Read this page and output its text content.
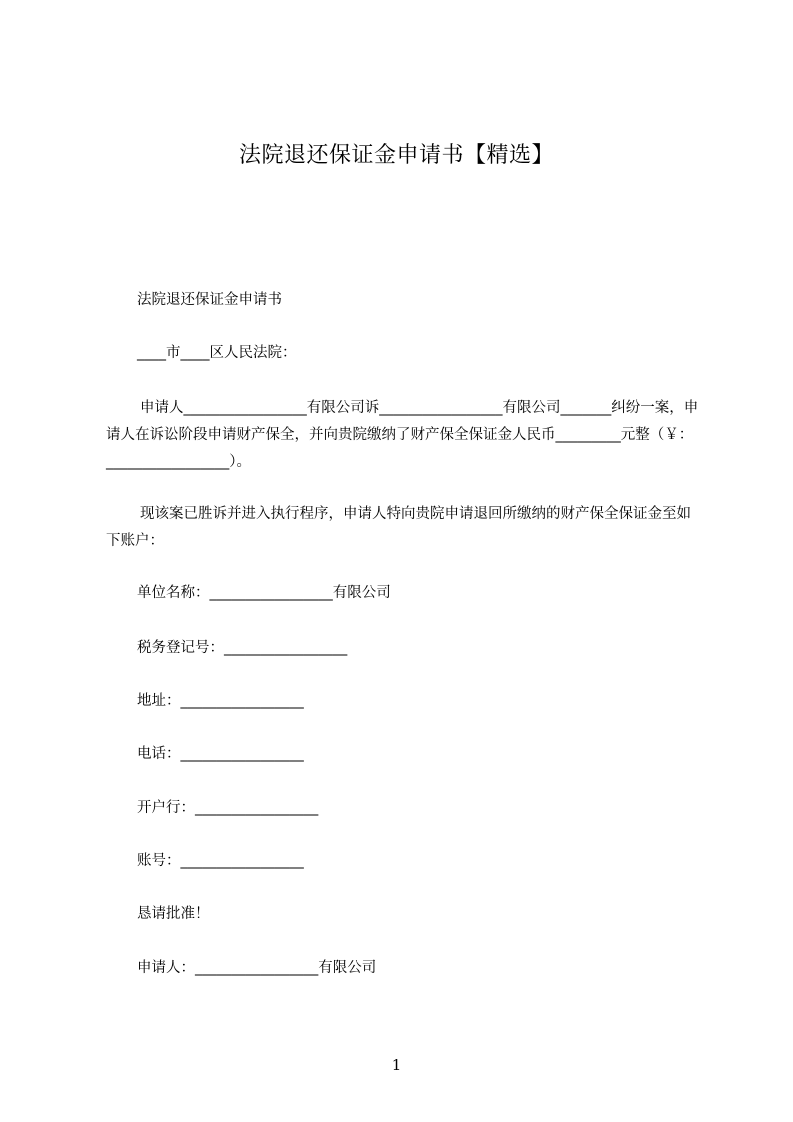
法院退还保证金申请书【精选】
法院退还保证金申请书
____市____区人民法院：
申请人_________________有限公司诉_________________有限公司_______纠纷一案，申请人在诉讼阶段申请财产保全，并向贵院缴纳了财产保全保证金人民币_________元整（￥：_________________）。
现该案已胜诉并进入执行程序，申请人特向贵院申请退回所缴纳的财产保全保证金至如下账户：
单位名称：_________________有限公司
税务登记号：_________________
地址：_________________
电话：_________________
开户行：_________________
账号：_________________
恳请批准！
申请人：_________________有限公司
1
